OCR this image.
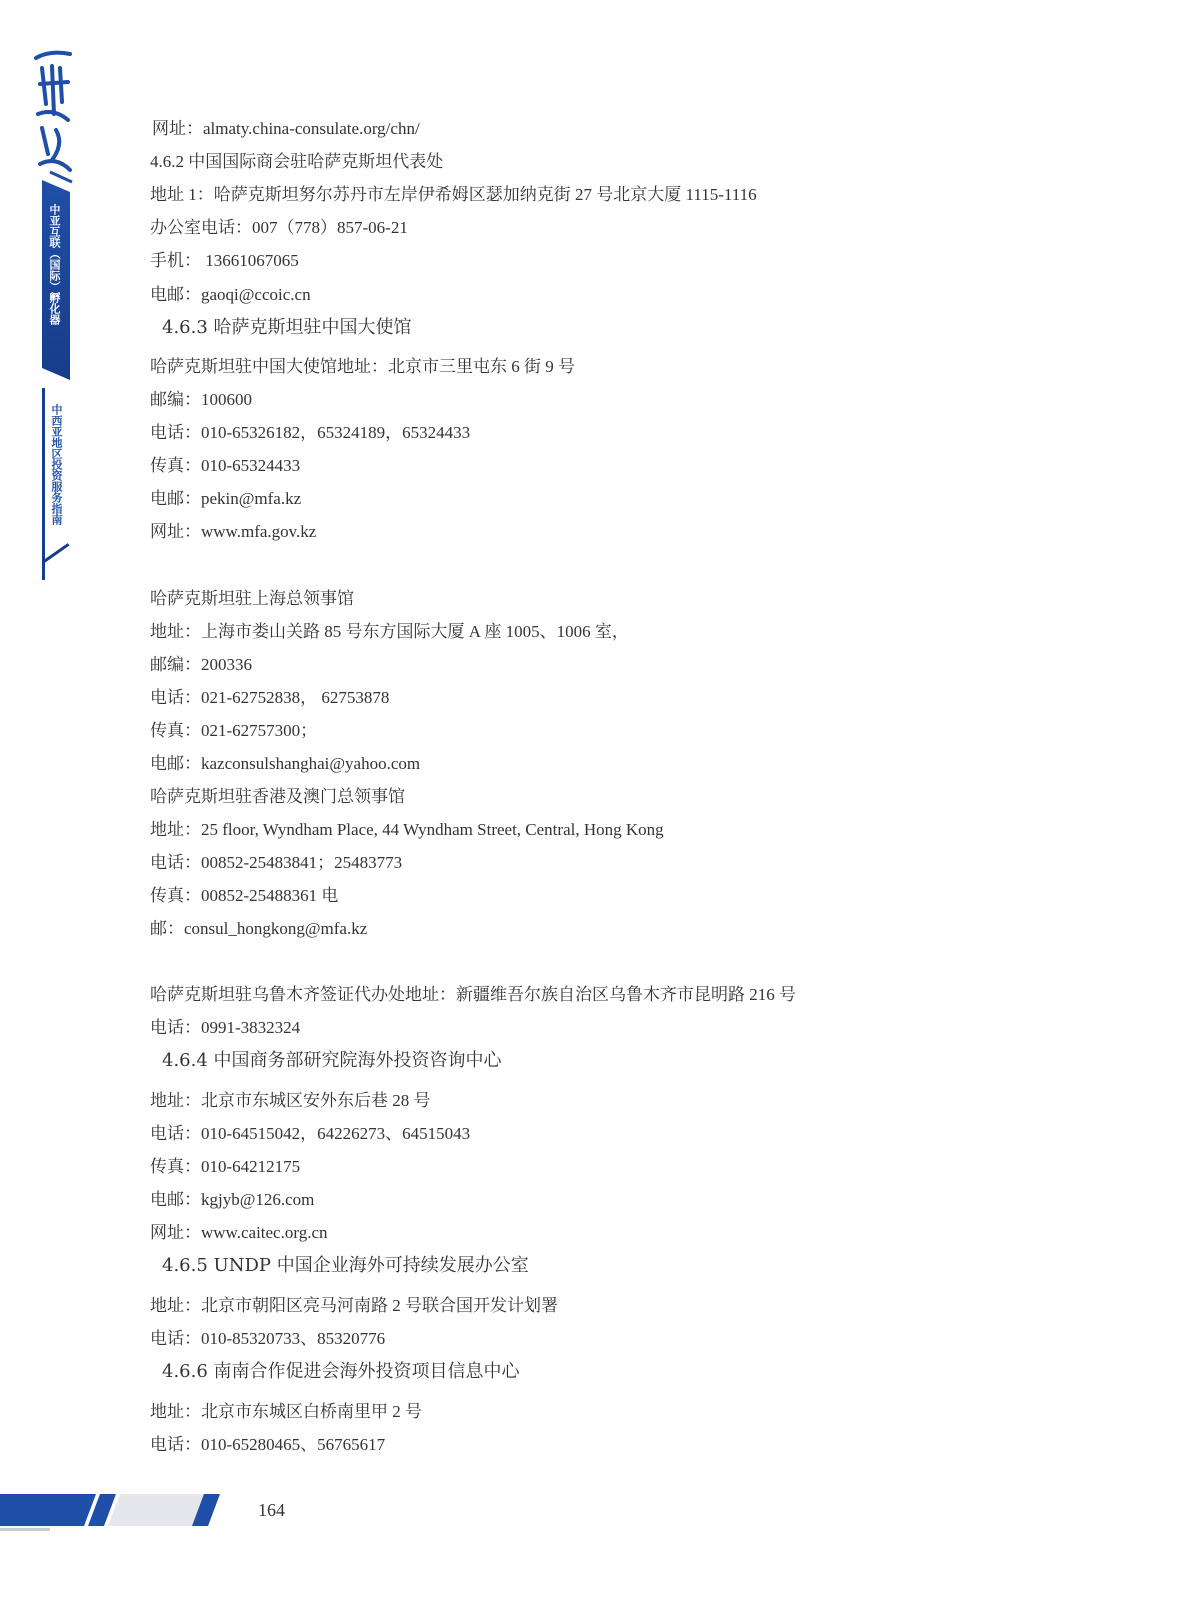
中亚互联（国际）孵化器
中西亚地区投资服务指南
网址：almaty.china-consulate.org/chn/
4.6.2 中国国际商会驻哈萨克斯坦代表处
地址 1：哈萨克斯坦努尔苏丹市左岸伊希姆区瑟加纳克街 27 号北京大厦 1115-1116
办公室电话：007（778）857-06-21
手机： 13661067065
电邮：gaoqi@ccoic.cn
4.6.3 哈萨克斯坦驻中国大使馆
哈萨克斯坦驻中国大使馆地址：北京市三里屯东 6 街 9 号
邮编：100600
电话：010-65326182，65324189，65324433
传真：010-65324433
电邮：pekin@mfa.kz
网址：www.mfa.gov.kz
哈萨克斯坦驻上海总领事馆
地址：上海市娄山关路 85 号东方国际大厦 A 座 1005、1006 室，
邮编：200336
电话：021-62752838， 62753878
传真：021-62757300；
电邮：kazconsulshanghai@yahoo.com
哈萨克斯坦驻香港及澳门总领事馆
地址：25 floor, Wyndham Place, 44 Wyndham Street, Central, Hong Kong
电话：00852-25483841；25483773
传真：00852-25488361 电
邮：consul_hongkong@mfa.kz
哈萨克斯坦驻乌鲁木齐签证代办处地址：新疆维吾尔族自治区乌鲁木齐市昆明路 216 号
电话：0991-3832324
4.6.4 中国商务部研究院海外投资咨询中心
地址：北京市东城区安外东后巷 28 号
电话：010-64515042，64226273、64515043
传真：010-64212175
电邮：kgjyb@126.com
网址：www.caitec.org.cn
4.6.5 UNDP 中国企业海外可持续发展办公室
地址：北京市朝阳区亮马河南路 2 号联合国开发计划署
电话：010-85320733、85320776
4.6.6 南南合作促进会海外投资项目信息中心
地址：北京市东城区白桥南里甲 2 号
电话：010-65280465、56765617
164
